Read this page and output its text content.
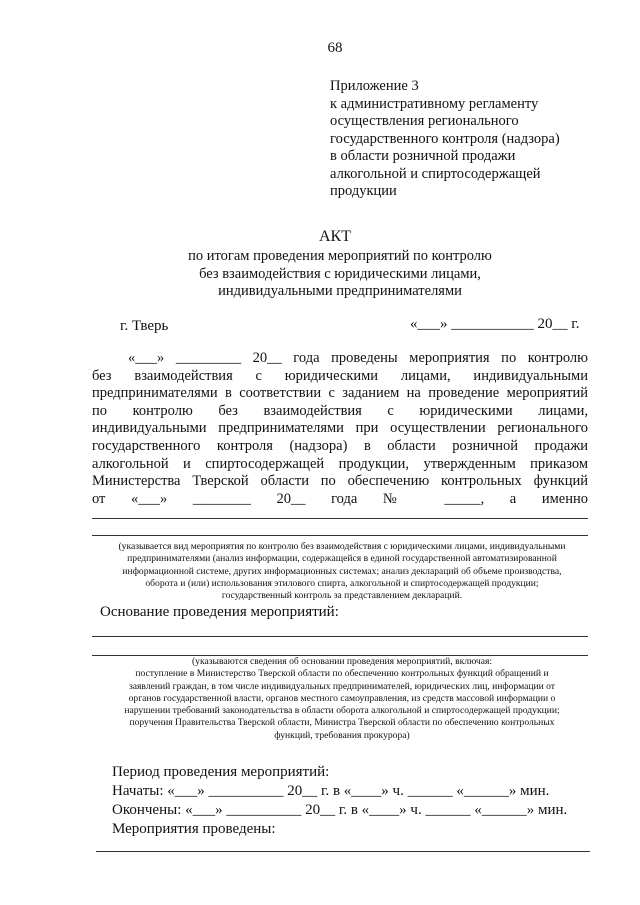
68
Приложение 3
к административному регламенту
осуществления регионального
государственного контроля (надзора)
в области розничной продажи
алкогольной и спиртосодержащей
продукции
АКТ
по итогам проведения мероприятий по контролю
без взаимодействия с юридическими лицами,
индивидуальными предпринимателями
г. Тверь	«___» ___________ 20__ г.
«___» _________ 20__ года проведены мероприятия по контролю
без взаимодействия с юридическими лицами, индивидуальными
предпринимателями в соответствии с заданием на проведение мероприятий
по контролю без взаимодействия с юридическими лицами,
индивидуальными предпринимателями при осуществлении регионального
государственного контроля (надзора) в области розничной продажи
алкогольной и спиртосодержащей продукции, утвержденным приказом
Министерства Тверской области по обеспечению контрольных функций
от «___» ________ 20__ года № _____, а именно
(указывается вид мероприятия по контролю без взаимодействия с юридическими лицами, индивидуальными
предпринимателями (анализ информации, содержащейся в единой государственной автоматизированной
информационной системе, других информационных системах; анализ деклараций об объеме производства,
оборота и (или) использования этилового спирта, алкогольной и спиртосодержащей продукции;
государственный контроль за представлением деклараций.
Основание проведения мероприятий:
(указываются сведения об основании проведения мероприятий, включая:
поступление в Министерство Тверской области по обеспечению контрольных функций обращений и
заявлений граждан, в том числе индивидуальных предпринимателей, юридических лиц, информации от
органов государственной власти, органов местного самоуправления, из средств массовой информации о
нарушении требований законодательства в области оборота алкогольной и спиртосодержащей продукции;
поручения Правительства Тверской области, Министра Тверской области по обеспечению контрольных
функций, требования прокурора)
Период проведения мероприятий:
Начаты: «___» __________ 20__ г. в «____» ч. ______ «______» мин.
Окончены: «___» __________ 20__ г. в «____» ч. ______ «______» мин.
Мероприятия проведены:
